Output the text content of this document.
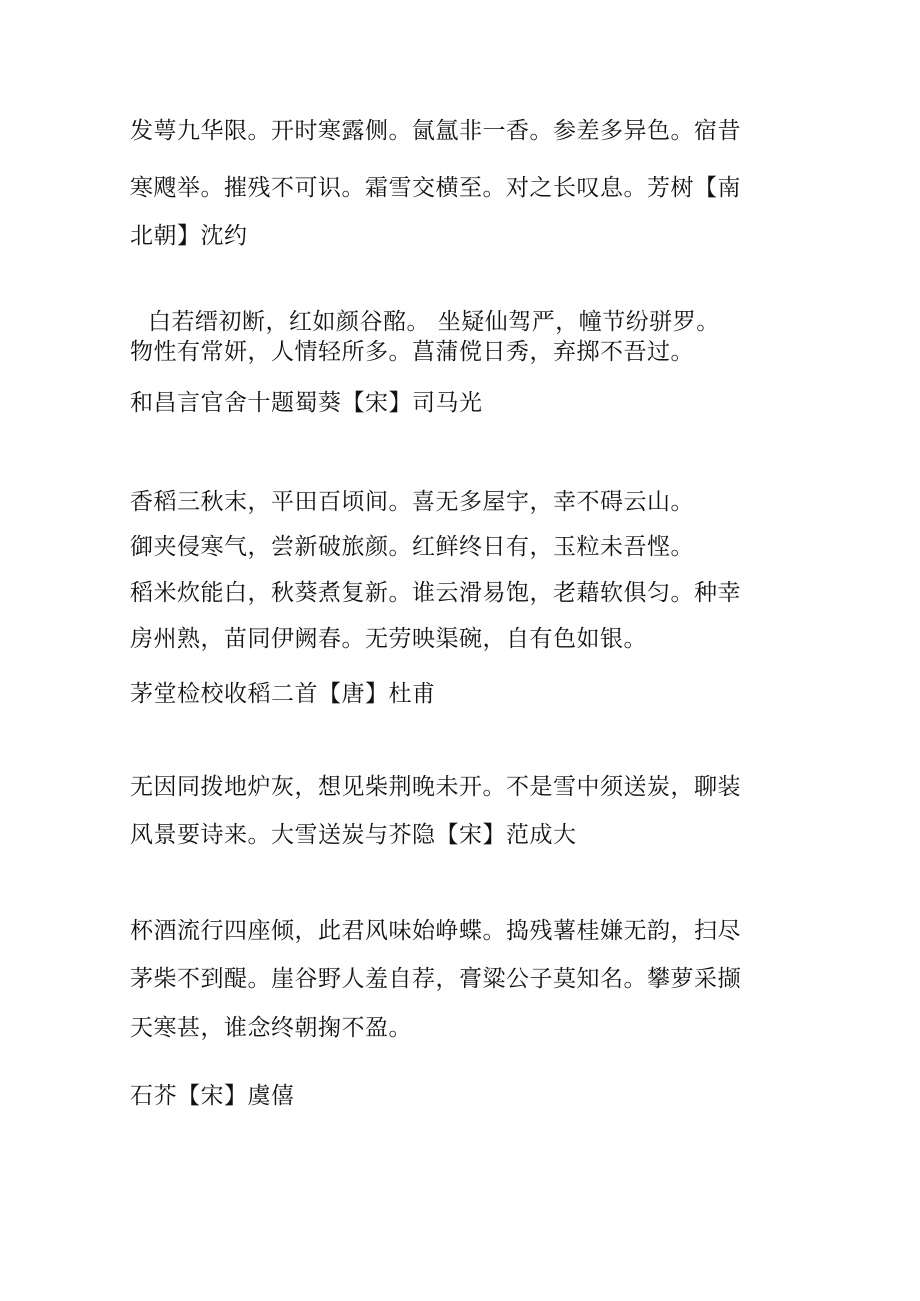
发萼九华限。开时寒露侧。氤氲非一香。参差多异色。宿昔
寒飕举。摧残不可识。霜雪交横至。对之长叹息。芳树【南
北朝】沈约
白若缙初断，红如颜谷酩。 坐疑仙驾严，幢节纷骈罗。
物性有常妍，人情轻所多。菖蒲傥日秀，弃掷不吾过。
和昌言官舍十题蜀葵【宋】司马光
香稻三秋末，平田百顷间。喜无多屋宇，幸不碍云山。
御夹侵寒气，尝新破旅颜。红鲜终日有，玉粒未吾悭。
稻米炊能白，秋葵煮复新。谁云滑易饱，老藉软俱匀。种幸
房州熟，苗同伊阙春。无劳映渠碗，自有色如银。
茅堂检校收稻二首【唐】杜甫
无因同拨地炉灰，想见柴荆晚未开。不是雪中须送炭，聊装
风景要诗来。大雪送炭与芥隐【宋】范成大
杯酒流行四座倾，此君风味始峥蝶。捣残薯桂嫌无韵，扫尽
茅柴不到醍。崖谷野人羞自荐，膏粱公子莫知名。攀萝采撷
天寒甚，谁念终朝掬不盈。
石芥【宋】虞僖
